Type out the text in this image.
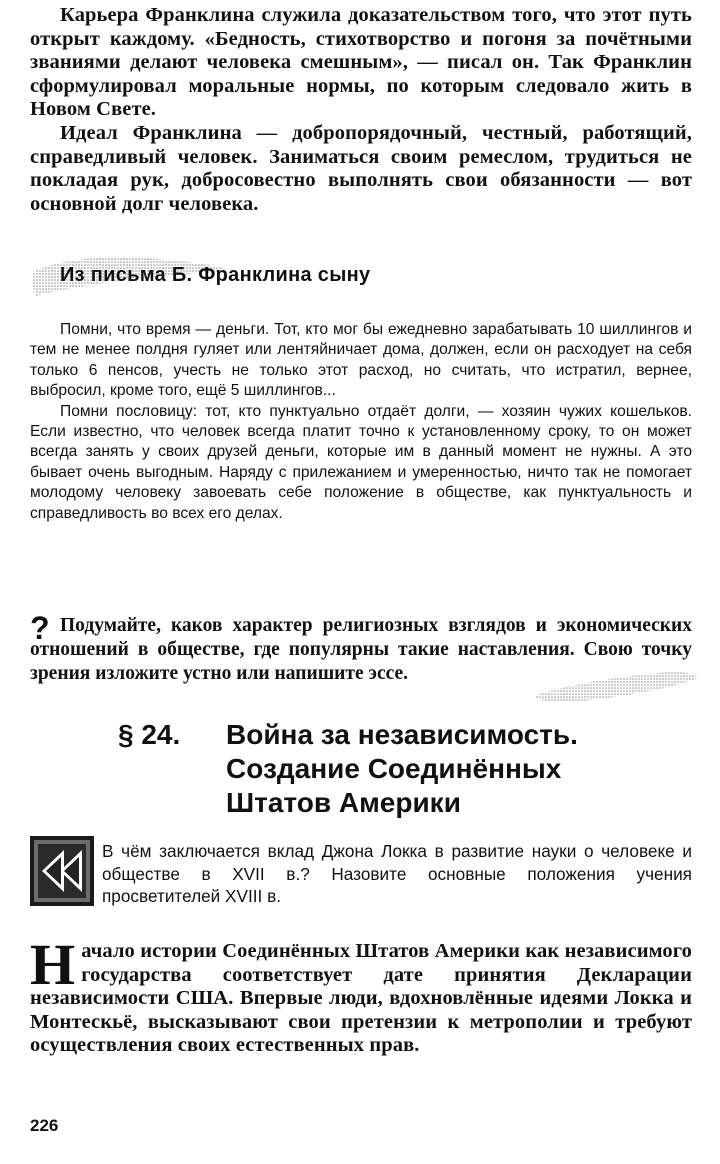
Карьера Франклина служила доказательством того, что этот путь открыт каждому. «Бедность, стихотворство и погоня за почётными званиями делают человека смешным», — писал он. Так Франклин сформулировал моральные нормы, по которым следовало жить в Новом Свете.

Идеал Франклина — добропорядочный, честный, работящий, справедливый человек. Заниматься своим ремеслом, трудиться не покладая рук, добросовестно выполнять свои обязанности — вот основной долг человека.

Из письма Б. Франклина сыну

Помни, что время — деньги. Тот, кто мог бы ежедневно зарабатывать 10 шиллингов и тем не менее полдня гуляет или лентяйничает дома, должен, если он расходует на себя только 6 пенсов, учесть не только этот расход, но считать, что истратил, вернее, выбросил, кроме того, ещё 5 шиллингов...

Помни пословицу: тот, кто пунктуально отдаёт долги, — хозяин чужих кошельков. Если известно, что человек всегда платит точно к установленному сроку, то он может всегда занять у своих друзей деньги, которые им в данный момент не нужны. А это бывает очень выгодным. Наряду с прилежанием и умеренностью, ничто так не помогает молодому человеку завоевать себе положение в обществе, как пунктуальность и справедливость во всех его делах.

? Подумайте, каков характер религиозных взглядов и экономических отношений в обществе, где популярны такие наставления. Свою точку зрения изложите устно или напишите эссе.

§ 24. Война за независимость.
Создание Соединённых
Штатов Америки

В чём заключается вклад Джона Локка в развитие науки о человеке и обществе в XVII в.? Назовите основные положения учения просветителей XVIII в.

Н ачало истории Соединённых Штатов Америки как независимого государства соответствует дате принятия Декларации независимости США. Впервые люди, вдохновлённые идеями Локка и Монтескьё, высказывают свои претензии к метрополии и требуют осуществления своих естественных прав.
226
